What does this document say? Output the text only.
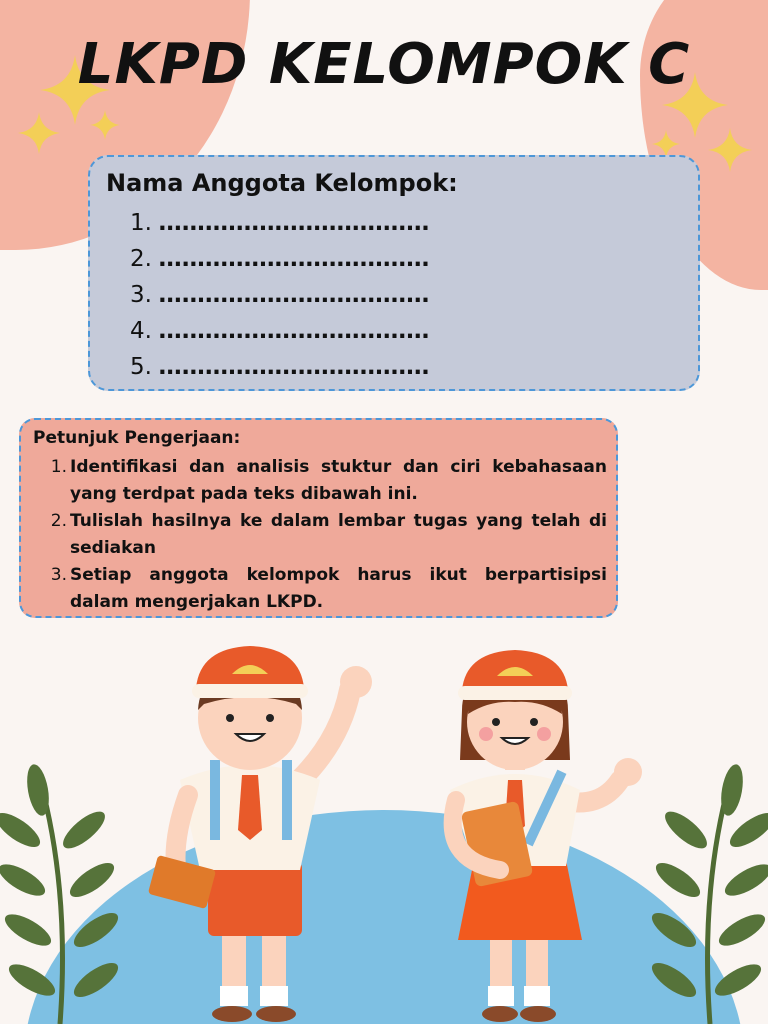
LKPD KELOMPOK C
Nama Anggota Kelompok:
1. ...................................
2. ...................................
3. ...................................
4. ...................................
5. ...................................
Petunjuk Pengerjaan:
1. Identifikasi dan analisis stuktur dan ciri kebahasaan yang terdpat pada teks dibawah ini.
2. Tulislah hasilnya ke dalam lembar tugas yang telah di sediakan
3. Setiap anggota kelompok harus ikut berpartisipsi dalam mengerjakan LKPD.
